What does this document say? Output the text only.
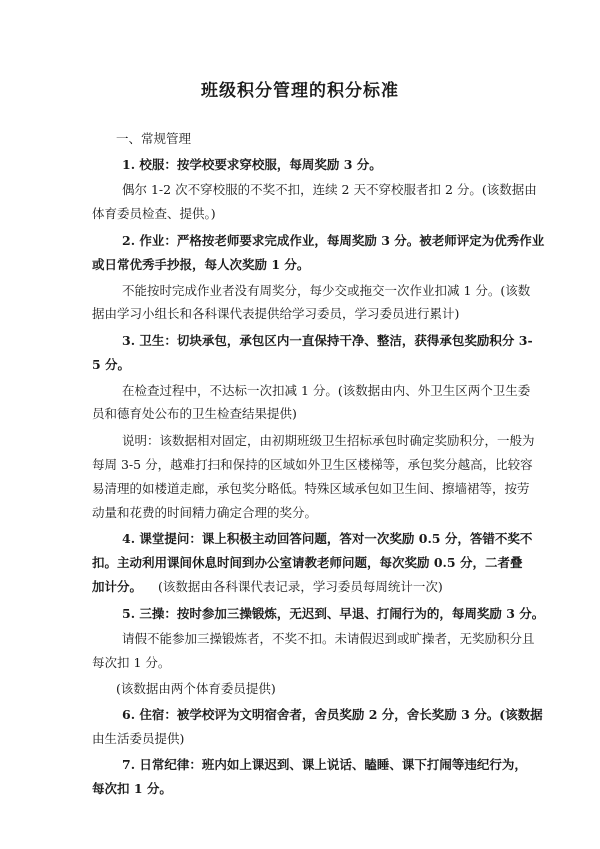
班级积分管理的积分标准
一、常规管理
1. 校服：按学校要求穿校服，每周奖励 3 分。
偶尔 1-2 次不穿校服的不奖不扣，连续 2 天不穿校服者扣 2 分。(该数据由
体育委员检查、提供。)
2. 作业：严格按老师要求完成作业，每周奖励 3 分。被老师评定为优秀作业
或日常优秀手抄报，每人次奖励 1 分。
不能按时完成作业者没有周奖分，每少交或拖交一次作业扣减 1 分。(该数
据由学习小组长和各科课代表提供给学习委员，学习委员进行累计)
3. 卫生：切块承包，承包区内一直保持干净、整洁，获得承包奖励积分 3-
5 分。
在检查过程中，不达标一次扣减 1 分。(该数据由内、外卫生区两个卫生委
员和德育处公布的卫生检查结果提供)
说明：该数据相对固定，由初期班级卫生招标承包时确定奖励积分，一般为
每周 3-5 分，越难打扫和保持的区域如外卫生区楼梯等，承包奖分越高，比较容
易清理的如楼道走廊，承包奖分略低。特殊区域承包如卫生间、擦墙裙等，按劳
动量和花费的时间精力确定合理的奖分。
4. 课堂提问：课上积极主动回答问题，答对一次奖励 0.5 分，答错不奖不
扣。主动利用课间休息时间到办公室请教老师问题，每次奖励 0.5 分，二者叠
加计分。 (该数据由各科课代表记录，学习委员每周统计一次)
5. 三操：按时参加三操锻炼，无迟到、早退、打闹行为的，每周奖励 3 分。
请假不能参加三操锻炼者，不奖不扣。未请假迟到或旷操者，无奖励积分且
每次扣 1 分。
(该数据由两个体育委员提供)
6. 住宿：被学校评为文明宿舍者，舍员奖励 2 分，舍长奖励 3 分。(该数据
由生活委员提供)
7. 日常纪律：班内如上课迟到、课上说话、瞌睡、课下打闹等违纪行为，
每次扣 1 分。
